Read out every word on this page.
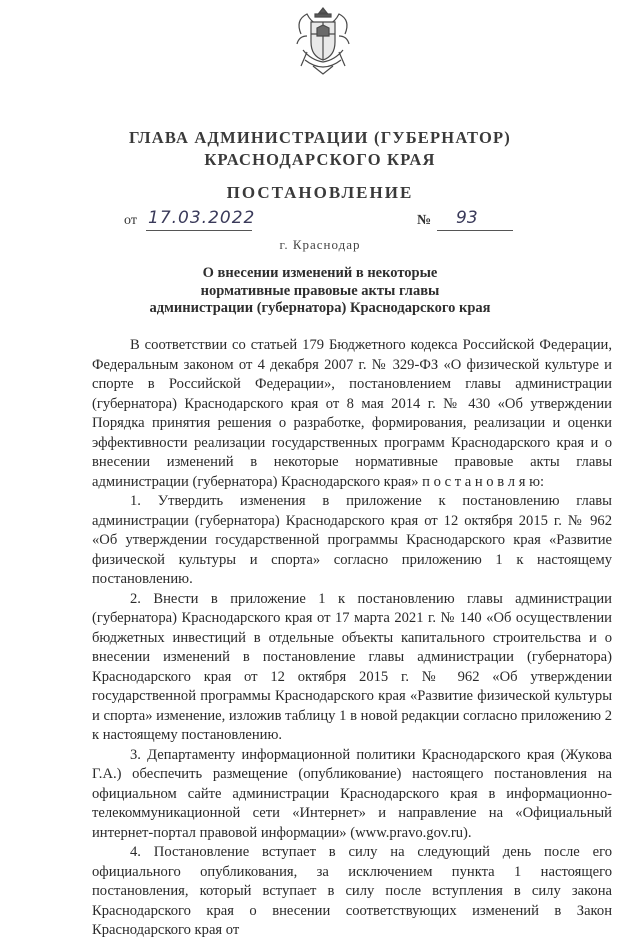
ГЛАВА АДМИНИСТРАЦИИ (ГУБЕРНАТОР)
КРАСНОДАРСКОГО КРАЯ
ПОСТАНОВЛЕНИЕ
от 17.03.2022	№ 93
г. Краснодар
О внесении изменений в некоторые
нормативные правовые акты главы
администрации (губернатора) Краснодарского края

В соответствии со статьей 179 Бюджетного кодекса Российской Федерации, Федеральным законом от 4 декабря 2007 г. № 329-ФЗ «О физической культуре и спорте в Российской Федерации», постановлением главы администрации (губернатора) Краснодарского края от 8 мая 2014 г. № 430 «Об утверждении Порядка принятия решения о разработке, формирования, реализации и оценки эффективности реализации государственных программ Краснодарского края и о внесении изменений в некоторые нормативные правовые акты главы администрации (губернатора) Краснодарского края» п о с т а н о в л я ю:

1. Утвердить изменения в приложение к постановлению главы администрации (губернатора) Краснодарского края от 12 октября 2015 г. № 962 «Об утверждении государственной программы Краснодарского края «Развитие физической культуры и спорта» согласно приложению 1 к настоящему постановлению.

2. Внести в приложение 1 к постановлению главы администрации (губернатора) Краснодарского края от 17 марта 2021 г. № 140 «Об осуществлении бюджетных инвестиций в отдельные объекты капитального строительства и о внесении изменений в постановление главы администрации (губернатора) Краснодарского края от 12 октября 2015 г. № 962 «Об утверждении государственной программы Краснодарского края «Развитие физической культуры и спорта» изменение, изложив таблицу 1 в новой редакции согласно приложению 2 к настоящему постановлению.

3. Департаменту информационной политики Краснодарского края (Жукова Г.А.) обеспечить размещение (опубликование) настоящего постановления на официальном сайте администрации Краснодарского края в информационно-телекоммуникационной сети «Интернет» и направление на «Официальный интернет-портал правовой информации» (www.pravo.gov.ru).

4. Постановление вступает в силу на следующий день после его официального опубликования, за исключением пункта 1 настоящего постановления, который вступает в силу после вступления в силу закона Краснодарского края о внесении соответствующих изменений в Закон Краснодарского края от
